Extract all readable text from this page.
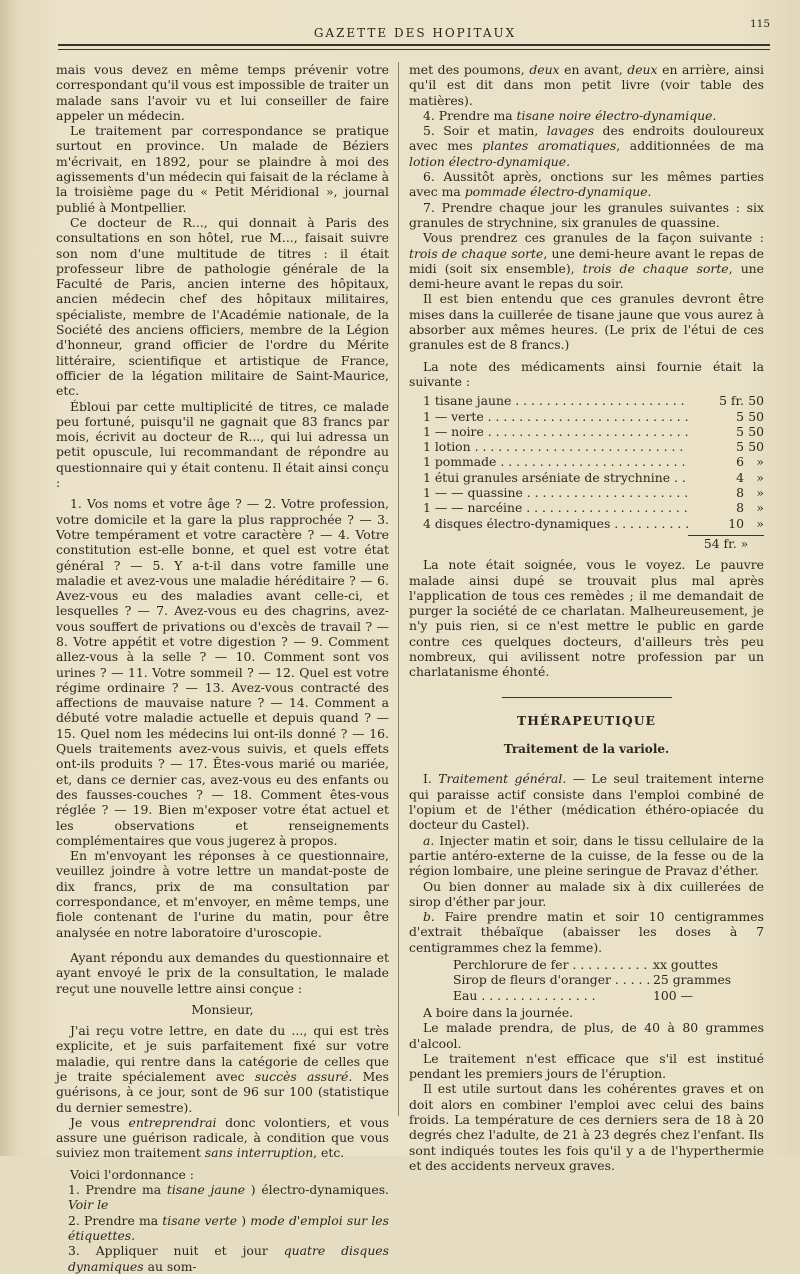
GAZETTE DES HOPITAUX
115

mais vous devez en même temps prévenir votre correspondant qu'il vous est impossible de traiter un malade sans l'avoir vu et lui conseiller de faire appeler un médecin.

Le traitement par correspondance se pratique surtout en province. Un malade de Béziers m'écrivait, en 1892, pour se plaindre à moi des agissements d'un médecin qui faisait de la réclame à la troisième page du « Petit Méridional », journal publié à Montpellier.

Ce docteur de R..., qui donnait à Paris des consultations en son hôtel, rue M..., faisait suivre son nom d'une multitude de titres : il était professeur libre de pathologie générale de la Faculté de Paris, ancien interne des hôpitaux, ancien médecin chef des hôpitaux militaires, spécialiste, membre de l'Académie nationale, de la Société des anciens officiers, membre de la Légion d'honneur, grand officier de l'ordre du Mérite littéraire, scientifique et artistique de France, officier de la légation militaire de Saint-Maurice, etc.

Ébloui par cette multiplicité de titres, ce malade peu fortuné, puisqu'il ne gagnait que 83 francs par mois, écrivit au docteur de R..., qui lui adressa un petit opuscule, lui recommandant de répondre au questionnaire qui y était contenu. Il était ainsi conçu :

1. Vos noms et votre âge ? — 2. Votre profession, votre domicile et la gare la plus rapprochée ? — 3. Votre tempérament et votre caractère ? — 4. Votre constitution est-elle bonne, et quel est votre état général ? — 5. Y a-t-il dans votre famille une maladie et avez-vous une maladie héréditaire ? — 6. Avez-vous eu des maladies avant celle-ci, et lesquelles ? — 7. Avez-vous eu des chagrins, avez-vous souffert de privations ou d'excès de travail ? — 8. Votre appétit et votre digestion ? — 9. Comment allez-vous à la selle ? — 10. Comment sont vos urines ? — 11. Votre sommeil ? — 12. Quel est votre régime ordinaire ? — 13. Avez-vous contracté des affections de mauvaise nature ? — 14. Comment a débuté votre maladie actuelle et depuis quand ? — 15. Quel nom les médecins lui ont-ils donné ? — 16. Quels traitements avez-vous suivis, et quels effets ont-ils produits ? — 17. Êtes-vous marié ou mariée, et, dans ce dernier cas, avez-vous eu des enfants ou des fausses-couches ? — 18. Comment êtes-vous réglée ? — 19. Bien m'exposer votre état actuel et les observations et renseignements complémentaires que vous jugerez à propos.

En m'envoyant les réponses à ce questionnaire, veuillez joindre à votre lettre un mandat-poste de dix francs, prix de ma consultation par correspondance, et m'envoyer, en même temps, une fiole contenant de l'urine du matin, pour être analysée en notre laboratoire d'uroscopie.

Ayant répondu aux demandes du questionnaire et ayant envoyé le prix de la consultation, le malade reçut une nouvelle lettre ainsi conçue :

Monsieur,

J'ai reçu votre lettre, en date du ..., qui est très explicite, et je suis parfaitement fixé sur votre maladie, qui rentre dans la catégorie de celles que je traite spécialement avec succès assuré. Mes guérisons, à ce jour, sont de 96 sur 100 (statistique du dernier semestre).

Je vous entreprendrai donc volontiers, et vous assure une guérison radicale, à condition que vous suiviez mon traitement sans interruption, etc.

Voici l'ordonnance :

1. Prendre ma tisane jaune ) électro-dynamiques. Voir le

2. Prendre ma tisane verte ) mode d'emploi sur les étiquettes.

3. Appliquer nuit et jour quatre disques dynamiques au som-

met des poumons, deux en avant, deux en arrière, ainsi qu'il est dit dans mon petit livre (voir table des matières).

4. Prendre ma tisane noire électro-dynamique.

5. Soir et matin, lavages des endroits douloureux avec mes plantes aromatiques, additionnées de ma lotion électro-dynamique.

6. Aussitôt après, onctions sur les mêmes parties avec ma pommade électro-dynamique.

7. Prendre chaque jour les granules suivantes : six granules de strychnine, six granules de quassine.

Vous prendrez ces granules de la façon suivante : trois de chaque sorte, une demi-heure avant le repas de midi (soit six ensemble), trois de chaque sorte, une demi-heure avant le repas du soir.

Il est bien entendu que ces granules devront être mises dans la cuillerée de tisane jaune que vous aurez à absorber aux mêmes heures. (Le prix de l'étui de ces granules est de 8 francs.)

La note des médicaments ainsi fournie était la suivante :

1 tisane jaune . . .	5 fr. 50
1 — verte . . .	5 50
1 — noire . . .	5 50
1 lotion . . .	5 50
1 pommade . . .	6	»
1 étui granules arséniate de strychnine . . .	4	»
1 — — quassine . . .	8	»
1 — — narcéine . . .	8	»
4 disques électro-dynamiques . . .	10	»
54 fr. »

La note était soignée, vous le voyez. Le pauvre malade ainsi dupé se trouvait plus mal après l'application de tous ces remèdes ; il me demandait de purger la société de ce charlatan. Malheureusement, je n'y puis rien, si ce n'est mettre le public en garde contre ces quelques docteurs, d'ailleurs très peu nombreux, qui avilissent notre profession par un charlatanisme éhonté.

THÉRAPEUTIQUE
Traitement de la variole.

I. Traitement général. — Le seul traitement interne qui paraisse actif consiste dans l'emploi combiné de l'opium et de l'éther (médication éthéro-opiacée du docteur du Castel).

a. Injecter matin et soir, dans le tissu cellulaire de la partie antéro-externe de la cuisse, de la fesse ou de la région lombaire, une pleine seringue de Pravaz d'éther.

Ou bien donner au malade six à dix cuillerées de sirop d'éther par jour.

b. Faire prendre matin et soir 10 centigrammes d'extrait thébaïque (abaisser les doses à 7 centigrammes chez la femme).

Perchlorure de fer . . .	xx gouttes
Sirop de fleurs d'oranger . . .	25 grammes
Eau . . .	100 —

A boire dans la journée.

Le malade prendra, de plus, de 40 à 80 grammes d'alcool.

Le traitement n'est efficace que s'il est institué pendant les premiers jours de l'éruption.

Il est utile surtout dans les cohérentes graves et on doit alors en combiner l'emploi avec celui des bains froids. La température de ces derniers sera de 18 à 20 degrés chez l'adulte, de 21 à 23 degrés chez l'enfant. Ils sont indiqués toutes les fois qu'il y a de l'hyperthermie et des accidents nerveux graves.
